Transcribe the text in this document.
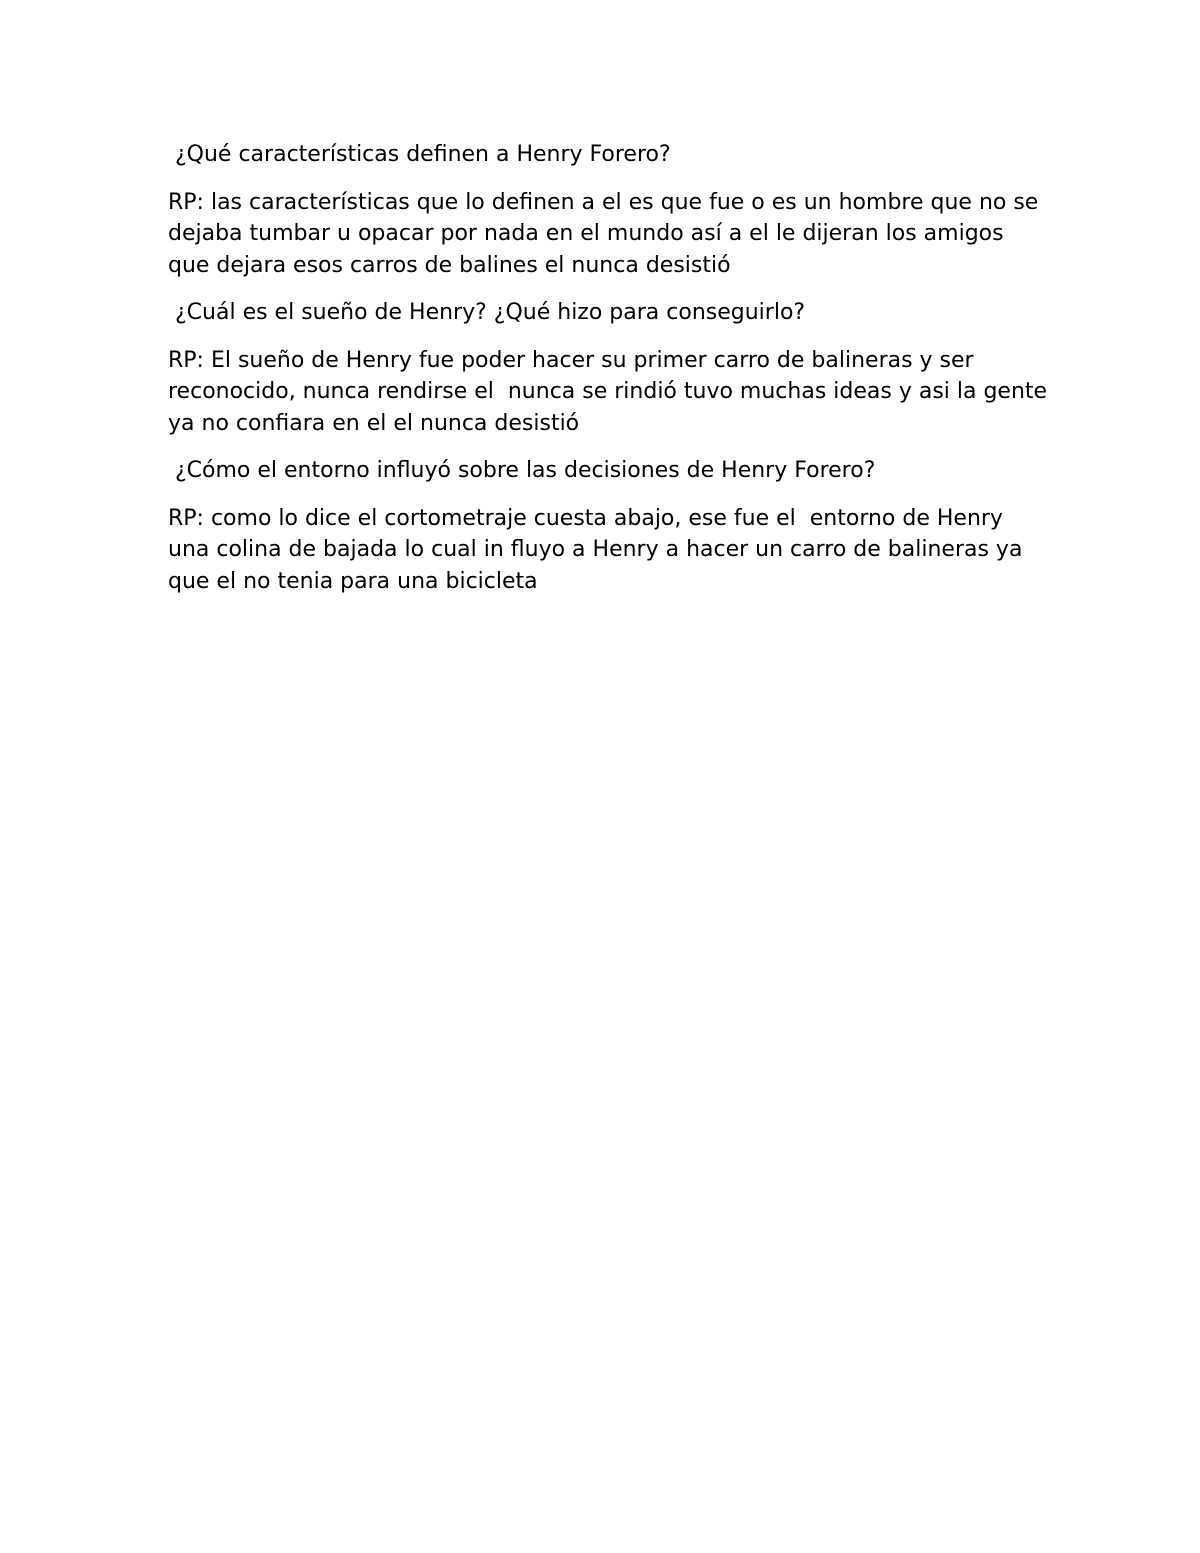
¿Qué características definen a Henry Forero?

RP: las características que lo definen a el es que fue o es un hombre que no se dejaba tumbar u opacar por nada en el mundo así a el le dijeran los amigos que dejara esos carros de balines el nunca desistió

¿Cuál es el sueño de Henry? ¿Qué hizo para conseguirlo?

RP: El sueño de Henry fue poder hacer su primer carro de balineras y ser reconocido, nunca rendirse el  nunca se rindió tuvo muchas ideas y asi la gente ya no confiara en el el nunca desistió

¿Cómo el entorno influyó sobre las decisiones de Henry Forero?

RP: como lo dice el cortometraje cuesta abajo, ese fue el  entorno de Henry una colina de bajada lo cual in fluyo a Henry a hacer un carro de balineras ya que el no tenia para una bicicleta
